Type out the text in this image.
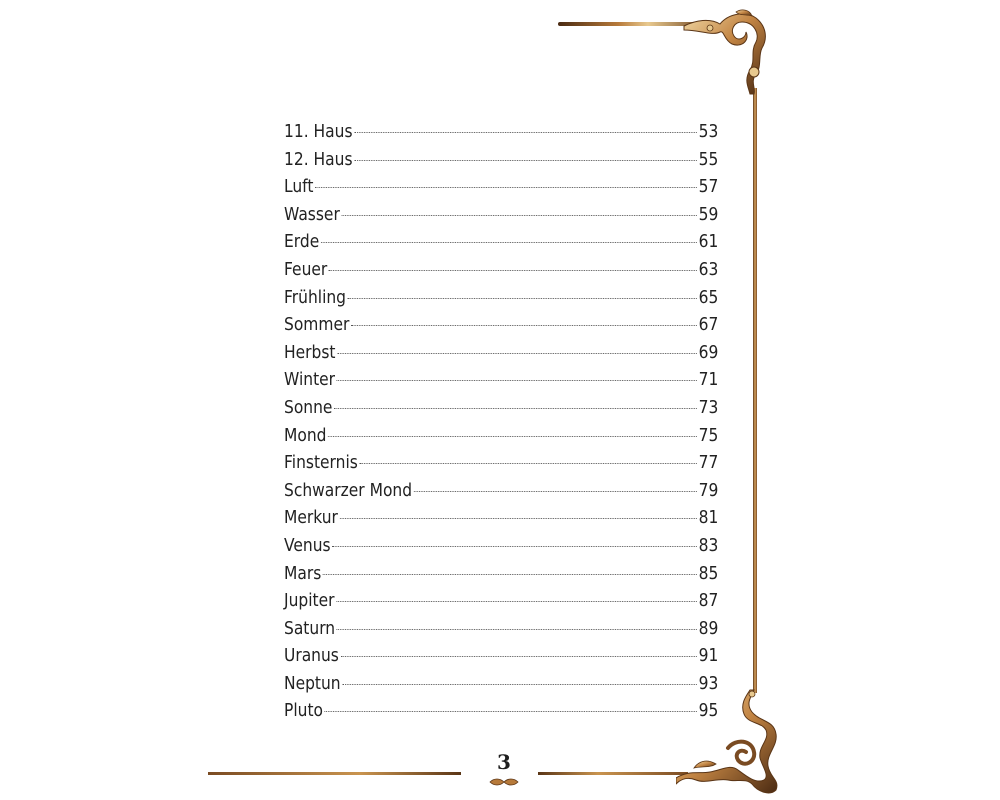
11. Haus	53
12. Haus	55
Luft	57
Wasser	59
Erde	61
Feuer	63
Frühling	65
Sommer	67
Herbst	69
Winter	71
Sonne	73
Mond	75
Finsternis	77
Schwarzer Mond	79
Merkur	81
Venus	83
Mars	85
Jupiter	87
Saturn	89
Uranus	91
Neptun	93
Pluto	95
3
